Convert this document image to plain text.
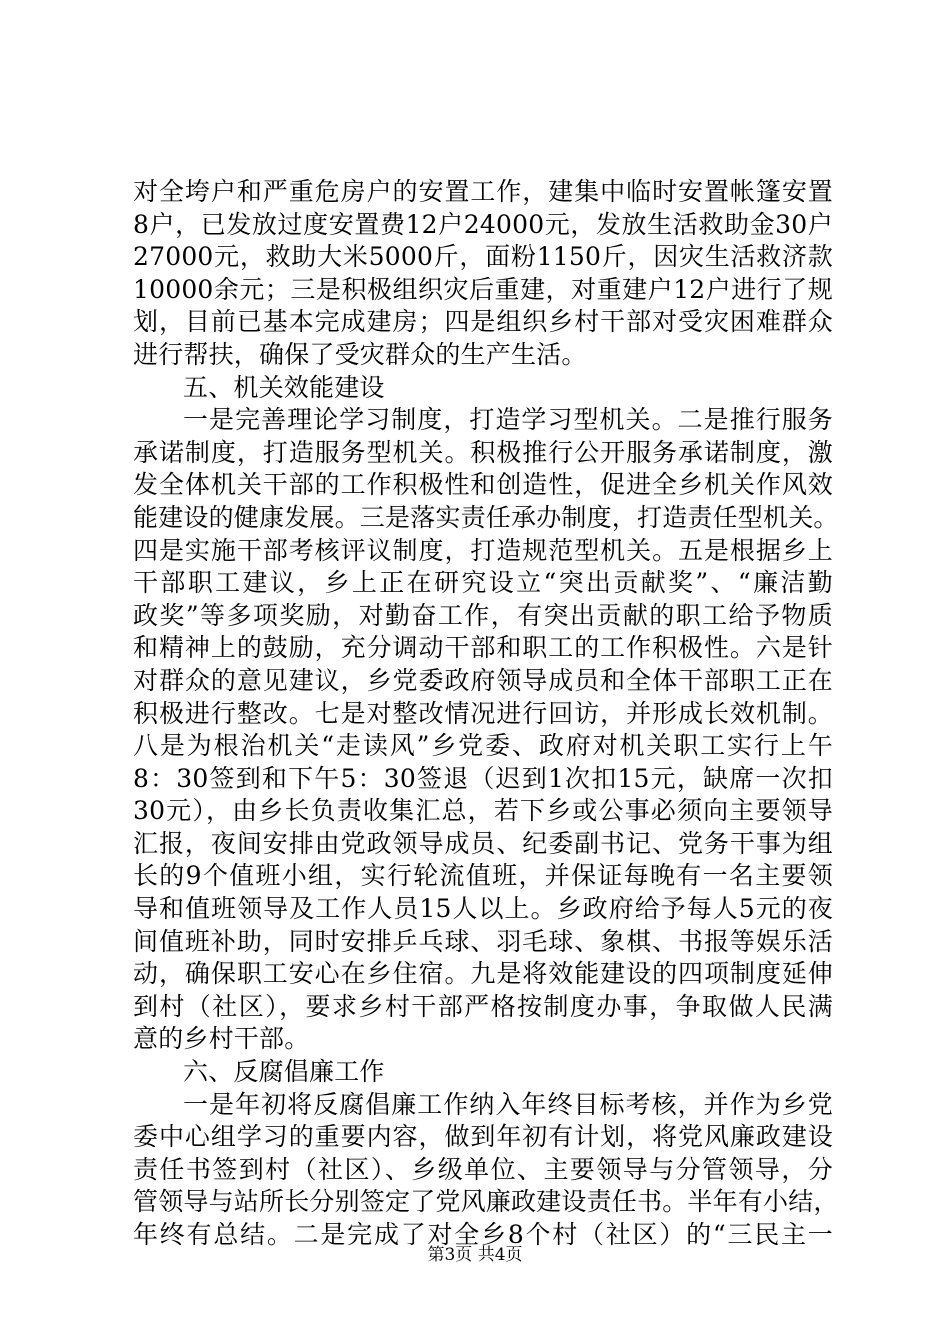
对全垮户和严重危房户的安置工作，建集中临时安置帐篷安置
8户，已发放过度安置费12户24000元，发放生活救助金30户
27000元，救助大米5000斤，面粉1150斤，因灾生活救济款
10000余元；三是积极组织灾后重建，对重建户12户进行了规
划，目前已基本完成建房；四是组织乡村干部对受灾困难群众
进行帮扶，确保了受灾群众的生产生活。
五、机关效能建设
一是完善理论学习制度，打造学习型机关。二是推行服务
承诺制度，打造服务型机关。积极推行公开服务承诺制度，激
发全体机关干部的工作积极性和创造性，促进全乡机关作风效
能建设的健康发展。三是落实责任承办制度，打造责任型机关。
四是实施干部考核评议制度，打造规范型机关。五是根据乡上
干部职工建议，乡上正在研究设立“突出贡献奖”、“廉洁勤
政奖”等多项奖励，对勤奋工作，有突出贡献的职工给予物质
和精神上的鼓励，充分调动干部和职工的工作积极性。六是针
对群众的意见建议，乡党委政府领导成员和全体干部职工正在
积极进行整改。七是对整改情况进行回访，并形成长效机制。
八是为根治机关“走读风”乡党委、政府对机关职工实行上午
8：30签到和下午5：30签退（迟到1次扣15元，缺席一次扣
30元），由乡长负责收集汇总，若下乡或公事必须向主要领导
汇报，夜间安排由党政领导成员、纪委副书记、党务干事为组
长的9个值班小组，实行轮流值班，并保证每晚有一名主要领
导和值班领导及工作人员15人以上。乡政府给予每人5元的夜
间值班补助，同时安排乒乓球、羽毛球、象棋、书报等娱乐活
动，确保职工安心在乡住宿。九是将效能建设的四项制度延伸
到村（社区），要求乡村干部严格按制度办事，争取做人民满
意的乡村干部。
六、反腐倡廉工作
一是年初将反腐倡廉工作纳入年终目标考核，并作为乡党
委中心组学习的重要内容，做到年初有计划，将党风廉政建设
责任书签到村（社区）、乡级单位、主要领导与分管领导，分
管领导与站所长分别签定了党风廉政建设责任书。半年有小结，
年终有总结。二是完成了对全乡8个村（社区）的“三民主一
第3页 共4页
